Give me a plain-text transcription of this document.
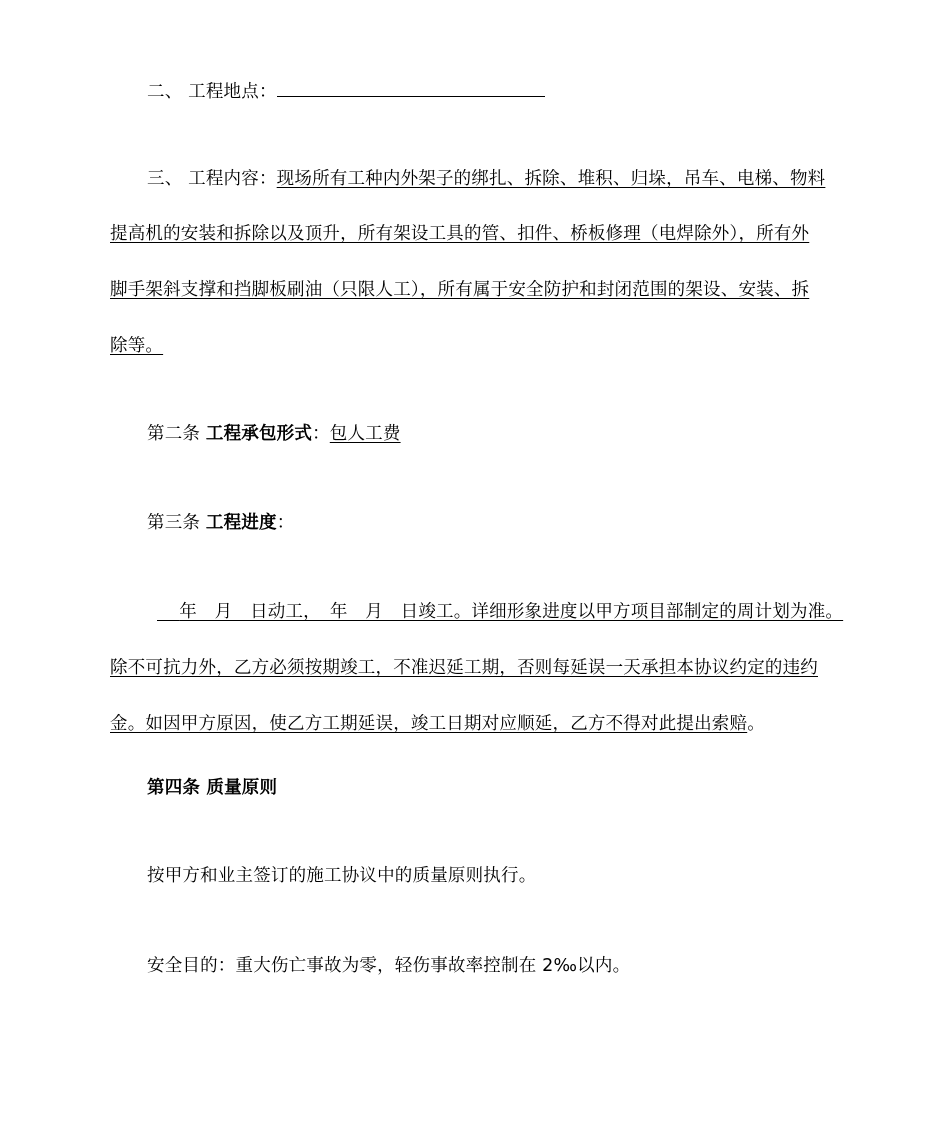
二、 工程地点：
三、 工程内容：现场所有工种内外架子的绑扎、拆除、堆积、归垛，吊车、电梯、物料
提高机的安装和拆除以及顶升，所有架设工具的管、扣件、桥板修理（电焊除外），所有外
脚手架斜支撑和挡脚板刷油（只限人工），所有属于安全防护和封闭范围的架设、安装、拆
除等。
第二条 工程承包形式：包人工费
第三条 工程进度：
  年　月　日动工，　年　月　日竣工。详细形象进度以甲方项目部制定的周计划为准。
除不可抗力外，乙方必须按期竣工，不准迟延工期，否则每延误一天承担本协议约定的违约
金。如因甲方原因，使乙方工期延误，竣工日期对应顺延，乙方不得对此提出索赔。
第四条 质量原则
按甲方和业主签订的施工协议中的质量原则执行。
安全目的：重大伤亡事故为零，轻伤事故率控制在 2‰以内。
